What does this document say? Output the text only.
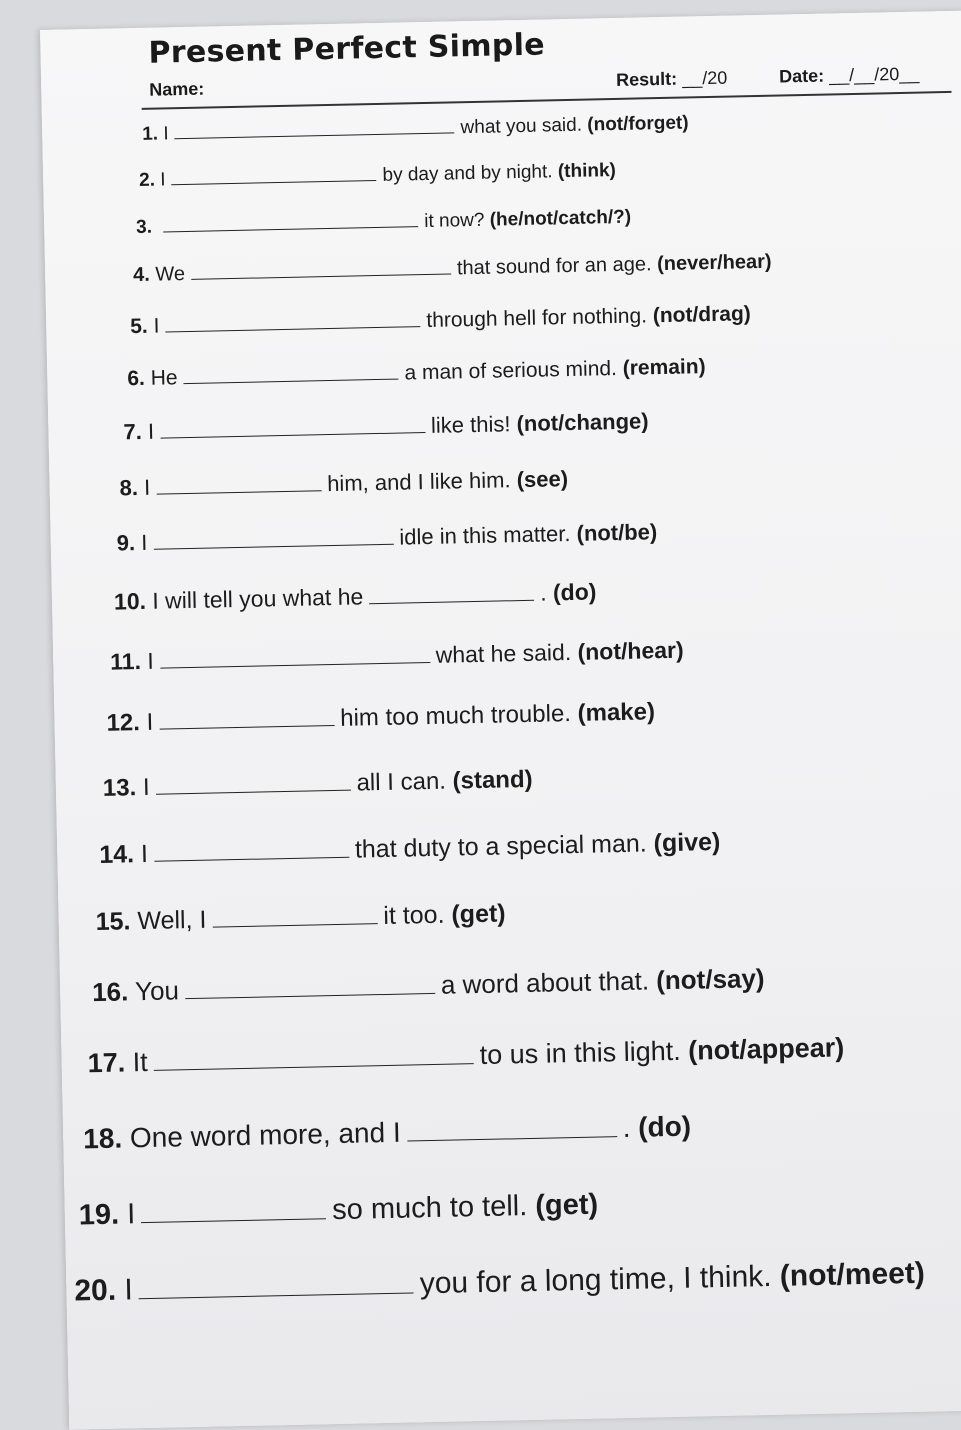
Present Perfect Simple
Name:	Result: __/20	Date: __/__/20__
1. I	what you said. (not/forget)
2. I	by day and by night. (think)
3.	it now? (he/not/catch/?)
4. We	that sound for an age. (never/hear)
5. I	through hell for nothing. (not/drag)
6. He	a man of serious mind. (remain)
7. I	like this! (not/change)
8. I	him, and I like him. (see)
9. I	idle in this matter. (not/be)
10. I will tell you what he	. (do)
11. I	what he said. (not/hear)
12. I	him too much trouble. (make)
13. I	all I can. (stand)
14. I	that duty to a special man. (give)
15. Well, I	it too. (get)
16. You	a word about that. (not/say)
17. It	to us in this light. (not/appear)
18. One word more, and I	. (do)
19. I	so much to tell. (get)
20. I	you for a long time, I think. (not/meet)
